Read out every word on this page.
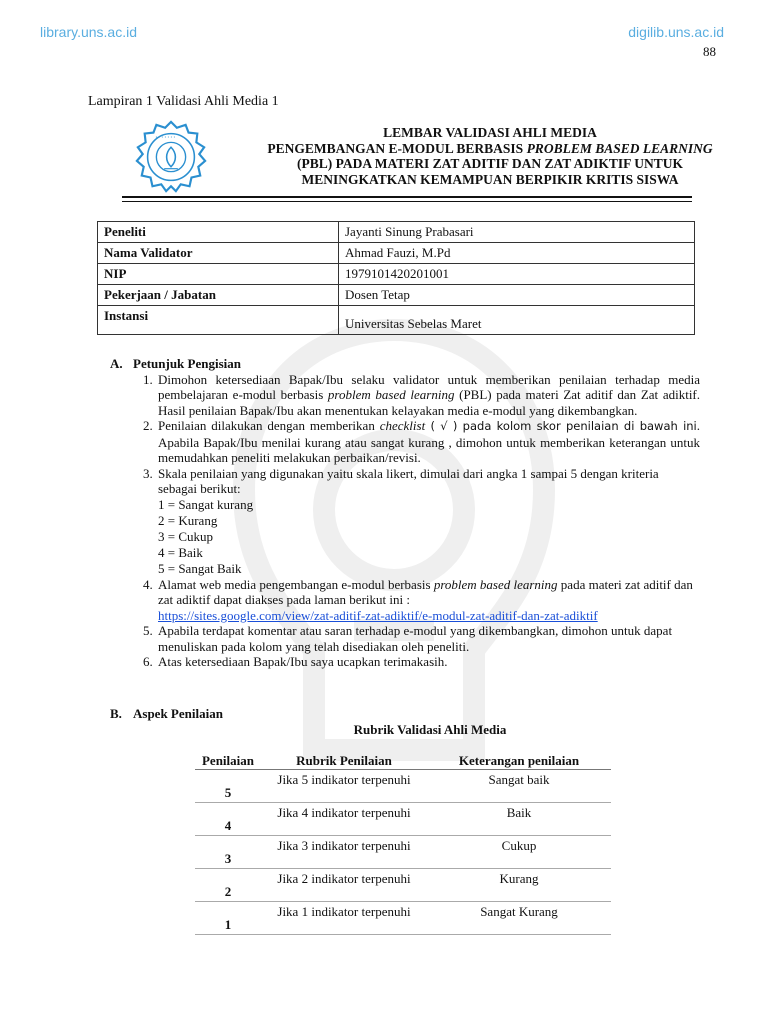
library.uns.ac.id	digilib.uns.ac.id
88
Lampiran 1 Validasi Ahli Media 1
• • • • • • •	LEMBAR VALIDASI AHLI MEDIA
PENGEMBANGAN E-MODUL BERBASIS PROBLEM BASED LEARNING
(PBL) PADA MATERI ZAT ADITIF DAN ZAT ADIKTIF UNTUK
MENINGKATKAN KEMAMPUAN BERPIKIR KRITIS SISWA
Peneliti	Jayanti Sinung Prabasari
Nama Validator	Ahmad Fauzi, M.Pd
NIP	1979101420201001
Pekerjaan / Jabatan	Dosen Tetap
Instansi	Universitas Sebelas Maret
A. Petunjuk Pengisian
1. Dimohon ketersediaan Bapak/Ibu selaku validator untuk memberikan penilaian terhadap media pembelajaran e-modul berbasis problem based learning (PBL) pada materi Zat aditif dan Zat adiktif. Hasil penilaian Bapak/Ibu akan menentukan kelayakan media e-modul yang dikembangkan.
2. Penilaian dilakukan dengan memberikan checklist ( √ ) pada kolom skor penilaian di bawah ini. Apabila Bapak/Ibu menilai kurang atau sangat kurang , dimohon untuk memberikan keterangan untuk memudahkan peneliti melakukan perbaikan/revisi.
3. Skala penilaian yang digunakan yaitu skala likert, dimulai dari angka 1 sampai 5 dengan kriteria sebagai berikut:
1 = Sangat kurang
2 = Kurang
3 = Cukup
4 = Baik
5 = Sangat Baik
4. Alamat web media pengembangan e-modul berbasis problem based learning pada materi zat aditif dan zat adiktif dapat diakses pada laman berikut ini :
https://sites.google.com/view/zat-aditif-zat-adiktif/e-modul-zat-aditif-dan-zat-adiktif
5. Apabila terdapat komentar atau saran terhadap e-modul yang dikembangkan, dimohon untuk dapat menuliskan pada kolom yang telah disediakan oleh peneliti.
6. Atas ketersediaan Bapak/Ibu saya ucapkan terimakasih.
B. Aspek Penilaian
Rubrik Validasi Ahli Media
Penilaian	Rubrik Penilaian	Keterangan penilaian
5	Jika 5 indikator terpenuhi	Sangat baik
4	Jika 4 indikator terpenuhi	Baik
3	Jika 3 indikator terpenuhi	Cukup
2	Jika 2 indikator terpenuhi	Kurang
1	Jika 1 indikator terpenuhi	Sangat Kurang
